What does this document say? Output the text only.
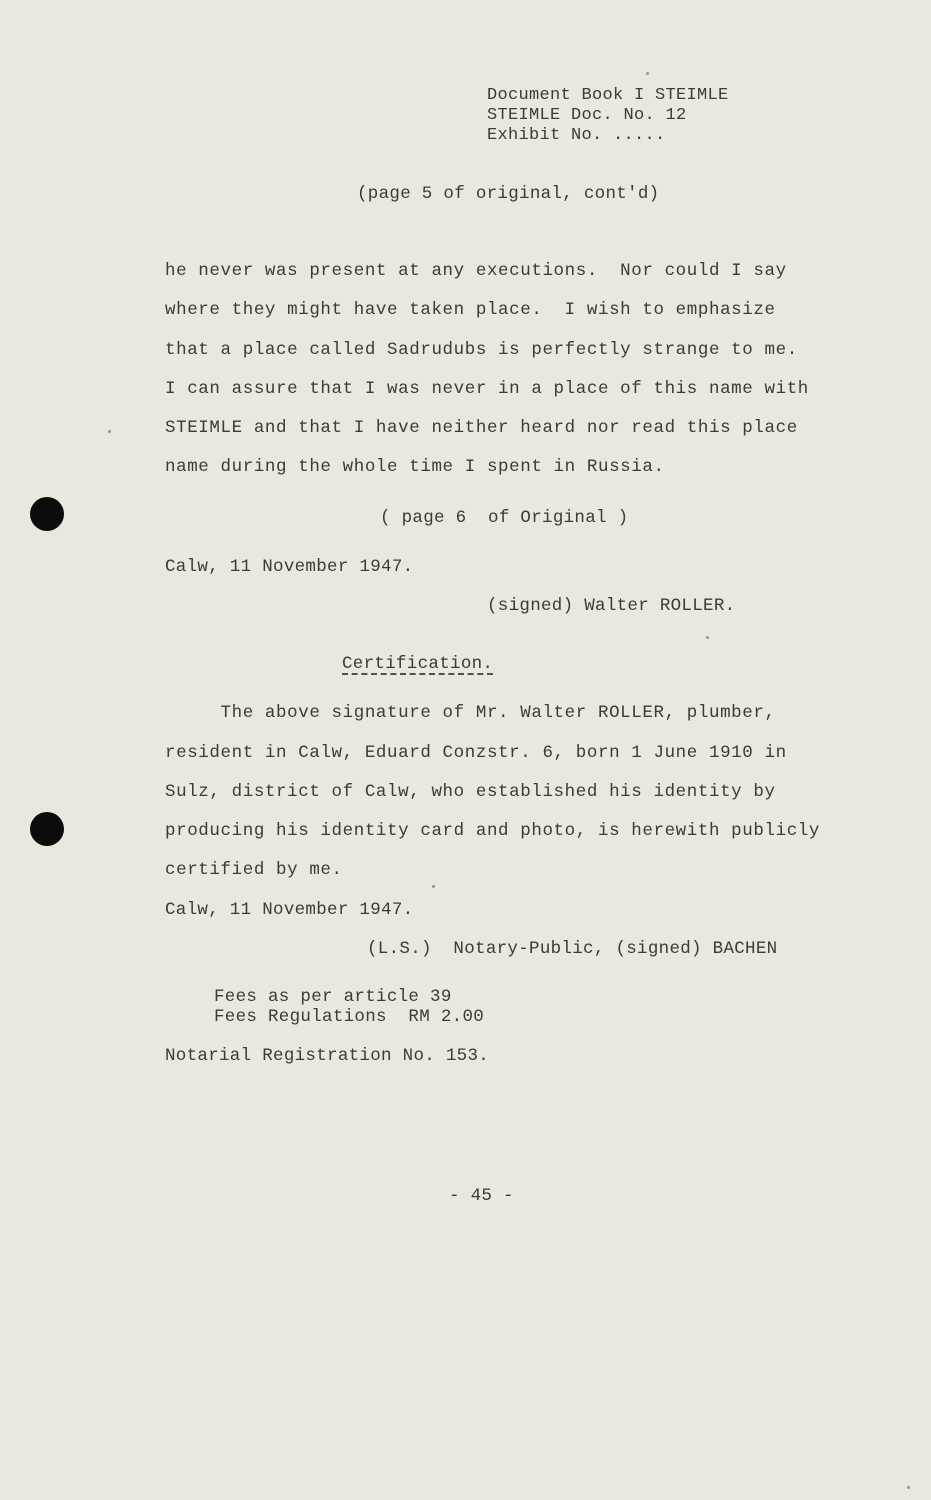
Document Book I STEIMLE
STEIMLE Doc. No. 12
Exhibit No. .....
(page 5 of original, cont'd)
he never was present at any executions.  Nor could I say
where they might have taken place.  I wish to emphasize
that a place called Sadrudubs is perfectly strange to me.
I can assure that I was never in a place of this name with
STEIMLE and that I have neither heard nor read this place
name during the whole time I spent in Russia.
( page 6  of Original )
Calw, 11 November 1947.
(signed) Walter ROLLER.
Certification.
The above signature of Mr. Walter ROLLER, plumber,
resident in Calw, Eduard Conzstr. 6, born 1 June 1910 in
Sulz, district of Calw, who established his identity by
producing his identity card and photo, is herewith publicly
certified by me.
Calw, 11 November 1947.
(L.S.)  Notary-Public, (signed) BACHEN
Fees as per article 39
Fees Regulations  RM 2.00
Notarial Registration No. 153.
- 45 -
